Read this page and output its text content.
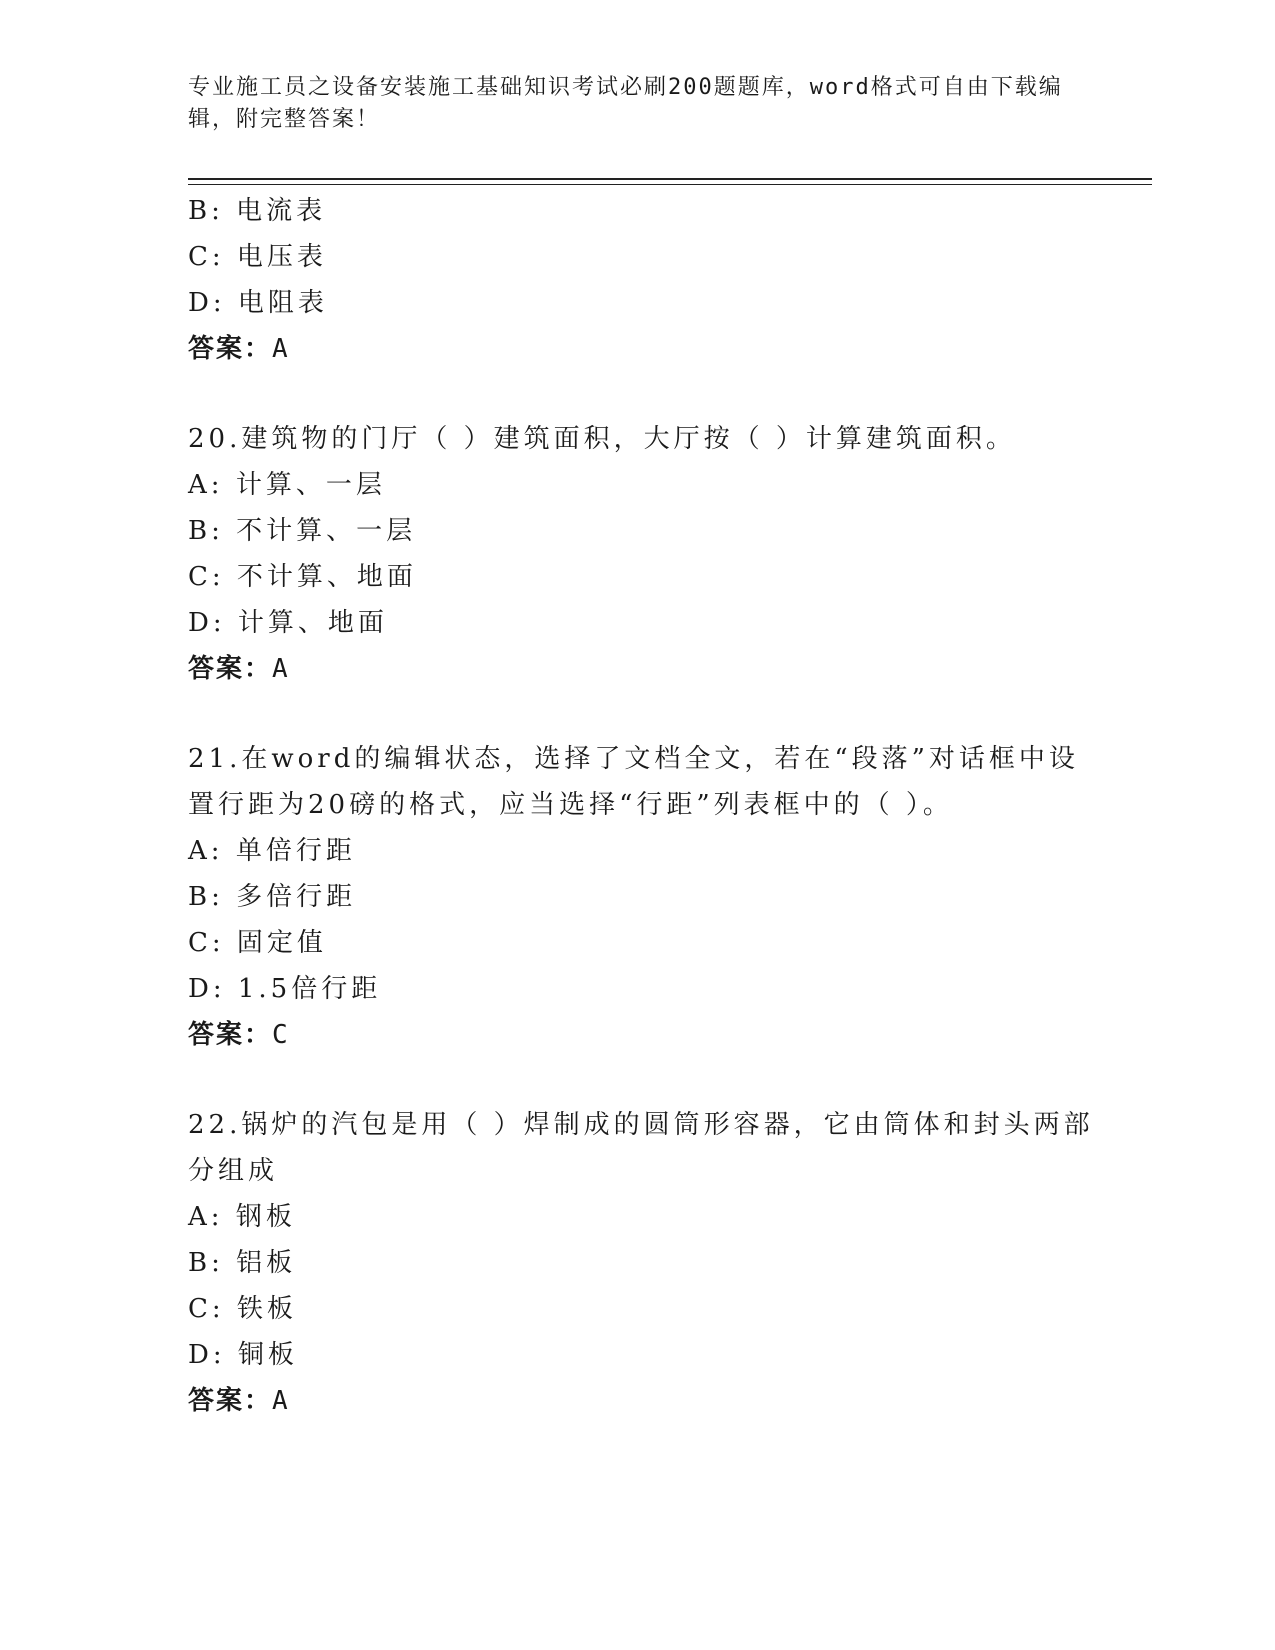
专业施工员之设备安装施工基础知识考试必刷200题题库，word格式可自由下载编辑，附完整答案！
B: 电流表
C: 电压表
D: 电阻表
答案：A
20.建筑物的门厅（ ）建筑面积，大厅按（ ）计算建筑面积。
A: 计算、一层
B: 不计算、一层
C: 不计算、地面
D: 计算、地面
答案：A
21.在word的编辑状态，选择了文档全文，若在“段落”对话框中设置行距为20磅的格式，应当选择“行距”列表框中的（ ）。
A: 单倍行距
B: 多倍行距
C: 固定值
D: 1.5倍行距
答案：C
22.锅炉的汽包是用（ ）焊制成的圆筒形容器，它由筒体和封头两部分组成
A: 钢板
B: 铝板
C: 铁板
D: 铜板
答案：A
